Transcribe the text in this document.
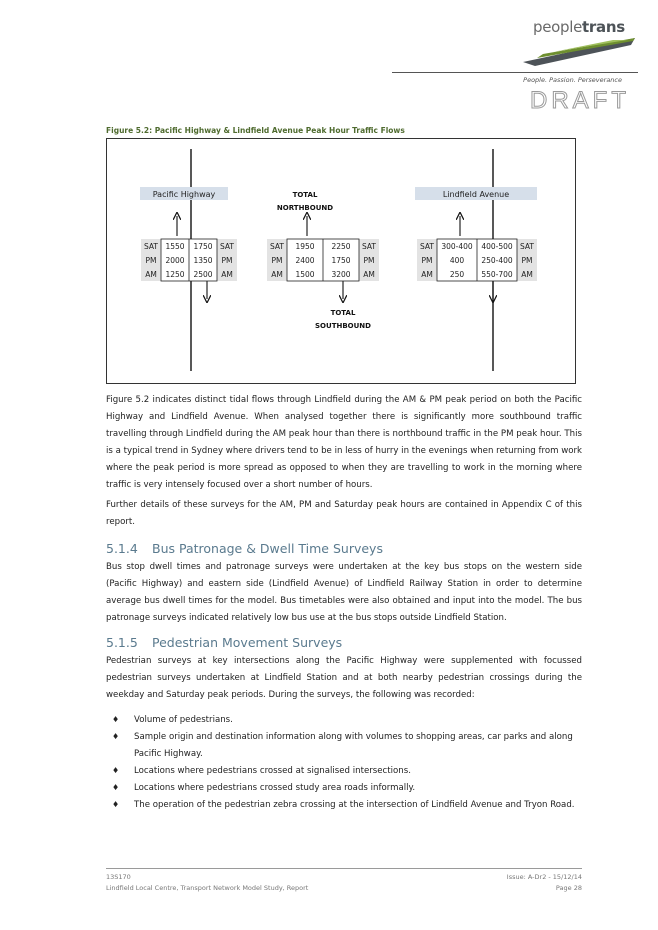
peopletrans
People. Passion. Perseverance
DRAFT
Figure 5.2: Pacific Highway & Lindfield Avenue Peak Hour Traffic Flows
Pacific Highway	Lindfield Avenue
TOTAL
NORTHBOUND
TOTAL
SOUTHBOUND
SAT 1550 1750 SAT
PM 2000 1350 PM
AM 1250 2500 AM
SAT 1950 2250 SAT
PM 2400 1750 PM
AM 1500 3200 AM
SAT 300-400 400-500 SAT
PM 400 250-400 PM
AM 250 550-700 AM
Figure 5.2 indicates distinct tidal flows through Lindfield during the AM & PM peak period on both the Pacific Highway and Lindfield Avenue. When analysed together there is significantly more southbound traffic travelling through Lindfield during the AM peak hour than there is northbound traffic in the PM peak hour. This is a typical trend in Sydney where drivers tend to be in less of hurry in the evenings when returning from work where the peak period is more spread as opposed to when they are travelling to work in the morning where traffic is very intensely focused over a short number of hours.
Further details of these surveys for the AM, PM and Saturday peak hours are contained in Appendix C of this report.
5.1.4 Bus Patronage & Dwell Time Surveys
Bus stop dwell times and patronage surveys were undertaken at the key bus stops on the western side (Pacific Highway) and eastern side (Lindfield Avenue) of Lindfield Railway Station in order to determine average bus dwell times for the model. Bus timetables were also obtained and input into the model. The bus patronage surveys indicated relatively low bus use at the bus stops outside Lindfield Station.
5.1.5 Pedestrian Movement Surveys
Pedestrian surveys at key intersections along the Pacific Highway were supplemented with focussed pedestrian surveys undertaken at Lindfield Station and at both nearby pedestrian crossings during the weekday and Saturday peak periods. During the surveys, the following was recorded:
♦ Volume of pedestrians.
♦ Sample origin and destination information along with volumes to shopping areas, car parks and along Pacific Highway.
♦ Locations where pedestrians crossed at signalised intersections.
♦ Locations where pedestrians crossed study area roads informally.
♦ The operation of the pedestrian zebra crossing at the intersection of Lindfield Avenue and Tryon Road.
13S170
Lindfield Local Centre, Transport Network Model Study, Report
Issue: A-Dr2 - 15/12/14
Page 28
